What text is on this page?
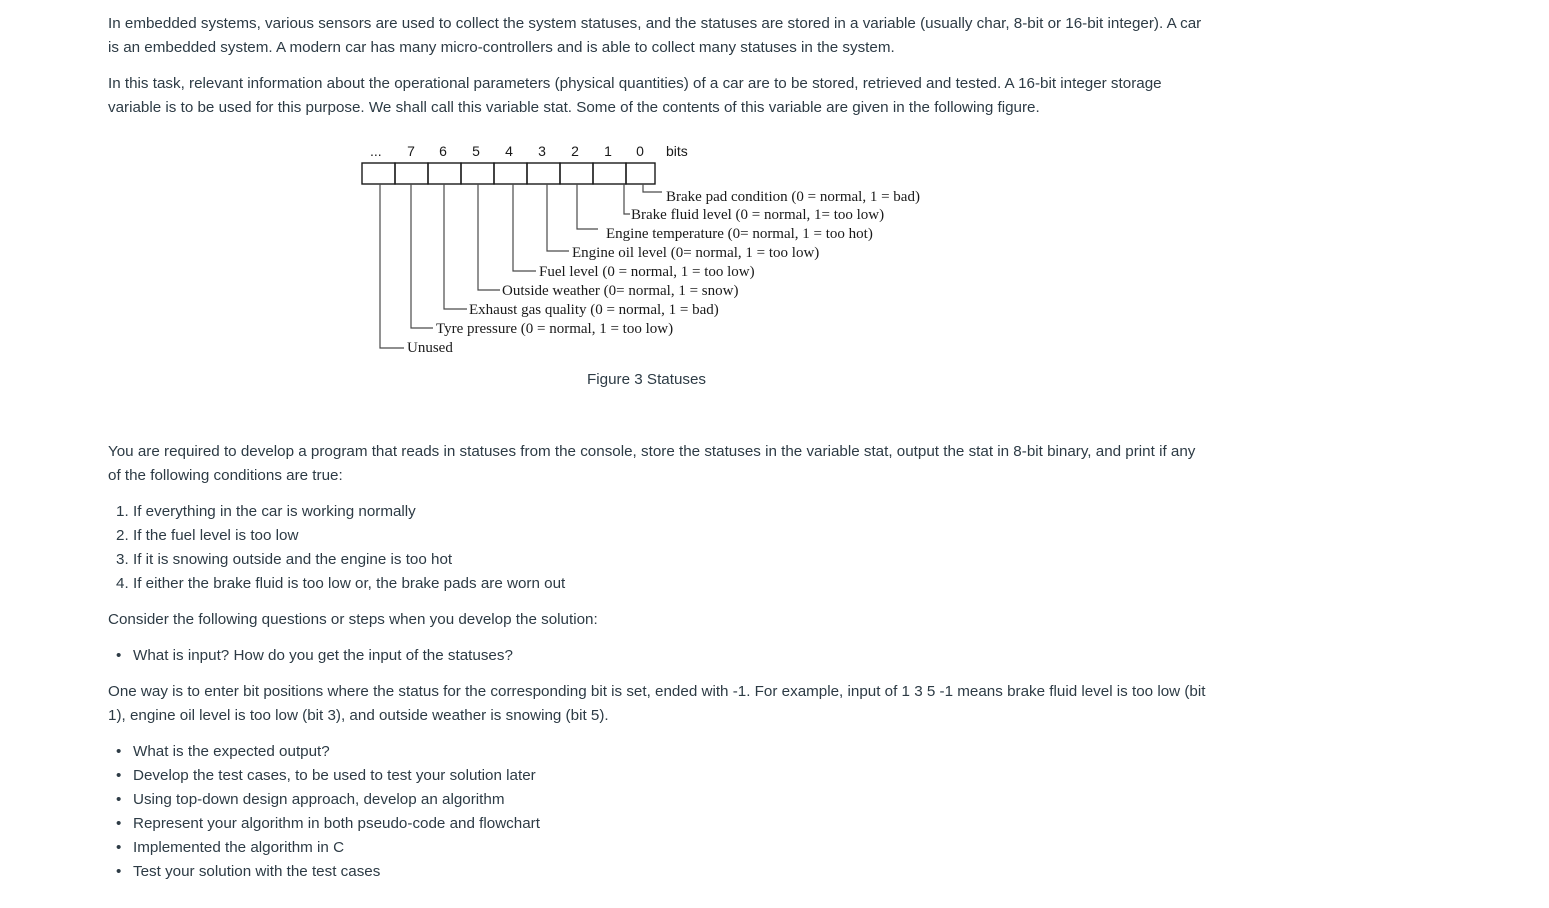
In embedded systems, various sensors are used to collect the system statuses, and the statuses are stored in a variable (usually char, 8-bit or 16-bit integer). A car is an embedded system. A modern car has many micro-controllers and is able to collect many statuses in the system.

In this task, relevant information about the operational parameters (physical quantities) of a car are to be stored, retrieved and tested. A 16-bit integer storage variable is to be used for this purpose. We shall call this variable stat. Some of the contents of this variable are given in the following figure.

You are required to develop a program that reads in statuses from the console, store the statuses in the variable stat, output the stat in 8-bit binary, and print if any of the following conditions are true:

1. If everything in the car is working normally
2. If the fuel level is too low
3. If it is snowing outside and the engine is too hot
4. If either the brake fluid is too low or, the brake pads are worn out

Consider the following questions or steps when you develop the solution:

• What is input? How do you get the input of the statuses?

One way is to enter bit positions where the status for the corresponding bit is set, ended with -1. For example, input of 1 3 5 -1 means brake fluid level is too low (bit 1), engine oil level is too low (bit 3), and outside weather is snowing (bit 5).

• What is the expected output?
• Develop the test cases, to be used to test your solution later
• Using top-down design approach, develop an algorithm
• Represent your algorithm in both pseudo-code and flowchart
• Implemented the algorithm in C
• Test your solution with the test cases
... 7 6 5 4 3 2 1 0 bits
Brake pad condition (0 = normal, 1 = bad)
Brake fluid level (0 = normal, 1= too low)
Engine temperature (0= normal, 1 = too hot)
Engine oil level (0= normal, 1 = too low)
Fuel level (0 = normal, 1 = too low)
Outside weather (0= normal, 1 = snow)
Exhaust gas quality (0 = normal, 1 = bad)
Tyre pressure (0 = normal, 1 = too low)
Unused
Figure 3 Statuses
